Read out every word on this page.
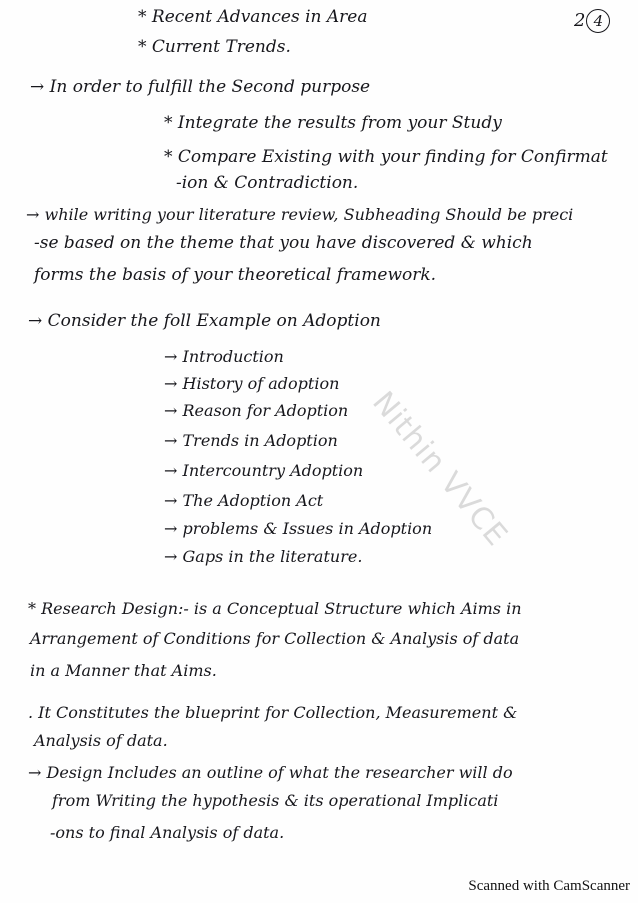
2 4
* Recent Advances in Area
* Current Trends.
→ In order to fulfill the Second purpose
* Integrate the results from your Study
* Compare Existing with your finding for Confirmat
-ion & Contradiction.
→ while writing your literature review, Subheading Should be preci
-se based on the theme that you have discovered & which
forms the basis of your theoretical framework.
→ Consider the foll Example on Adoption
→ Introduction
→ History of adoption
→ Reason for Adoption
→ Trends in Adoption
→ Intercountry Adoption
→ The Adoption Act
→ problems & Issues in Adoption
→ Gaps in the literature.
* Research Design:- is a Conceptual Structure which Aims in
Arrangement of Conditions for Collection & Analysis of data
in a Manner that Aims.
. It Constitutes the blueprint for Collection, Measurement &
Analysis of data.
→ Design Includes an outline of what the researcher will do
from Writing the hypothesis & its operational Implicati
-ons to final Analysis of data.
Nithin VVCE
Scanned with CamScanner
